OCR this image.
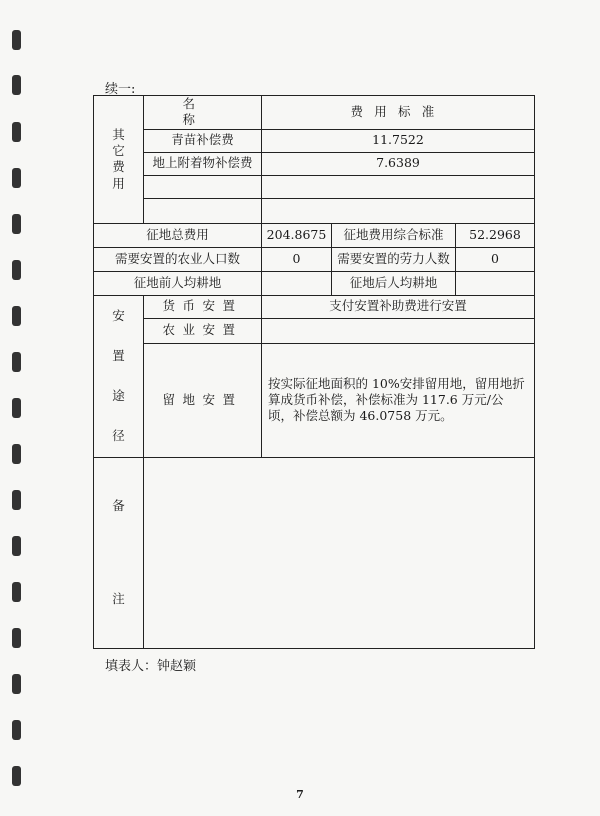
续一:
其
它
费
用	名 称	费用标准		
	青苗补偿费	11.7522		
	地上附着物补偿费	7.6389		

征地总费用		204.8675	征地费用综合标准	52.2968
需要安置的农业人口数		0	需要安置的劳力人数	0
征地前人均耕地			征地后人均耕地	

安
置
途
径	货币安置	支付安置补助费进行安置		
	农业安置			
	留地安置	按实际征地面积的 10%安排留用地，留用地折算成货币补偿，补偿标准为 117.6 万元/公顷，补偿总额为 46.0758 万元。		

备
注				

填表人：钟赵颖
7
